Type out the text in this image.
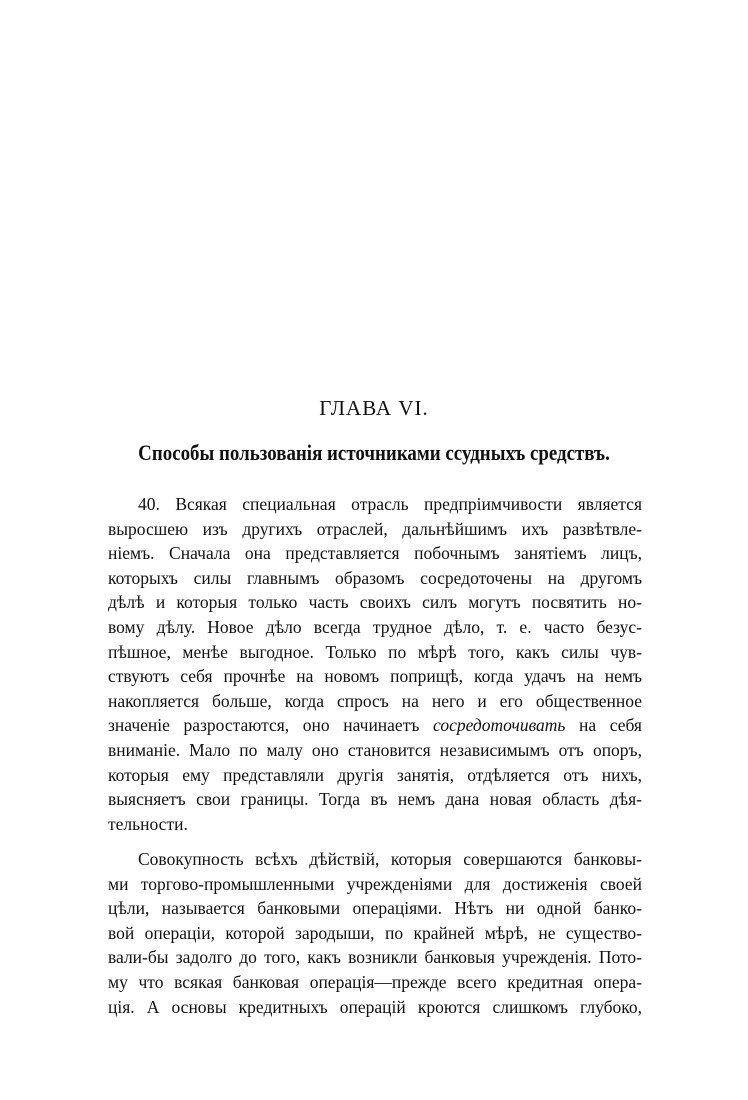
ГЛАВА VI.
Способы пользованія источниками ссудныхъ средствъ.
40. Всякая специальная отрасль предпріимчивости является
выросшею изъ другихъ отраслей, дальнѣйшимъ ихъ развѣтвле-
ніемъ. Сначала она представляется побочнымъ занятіемъ лицъ,
которыхъ силы главнымъ образомъ сосредоточены на другомъ
дѣлѣ и которыя только часть своихъ силъ могутъ посвятить но-
вому дѣлу. Новое дѣло всегда трудное дѣло, т. е. часто безус-
пѣшное, менѣе выгодное. Только по мѣрѣ того, какъ силы чув-
ствуютъ себя прочнѣе на новомъ поприщѣ, когда удачъ на немъ
накопляется больше, когда спросъ на него и его общественное
значеніе разростаются, оно начинаетъ сосредоточивать на себя
вниманіе. Мало по малу оно становится независимымъ отъ опоръ,
которыя ему представляли другія занятія, отдѣляется отъ нихъ,
выясняетъ свои границы. Тогда въ немъ дана новая область дѣя-
тельности.
Совокупность всѣхъ дѣйствій, которыя совершаются банковы-
ми торгово-промышленными учрежденіями для достиженія своей
цѣли, называется банковыми операціями. Нѣтъ ни одной банко-
вой операціи, которой зародыши, по крайней мѣрѣ, не существо-
вали-бы задолго до того, какъ возникли банковыя учрежденія. Пото-
му что всякая банковая операція—прежде всего кредитная опера-
ція. А основы кредитныхъ операцій кроются слишкомъ глубоко,
